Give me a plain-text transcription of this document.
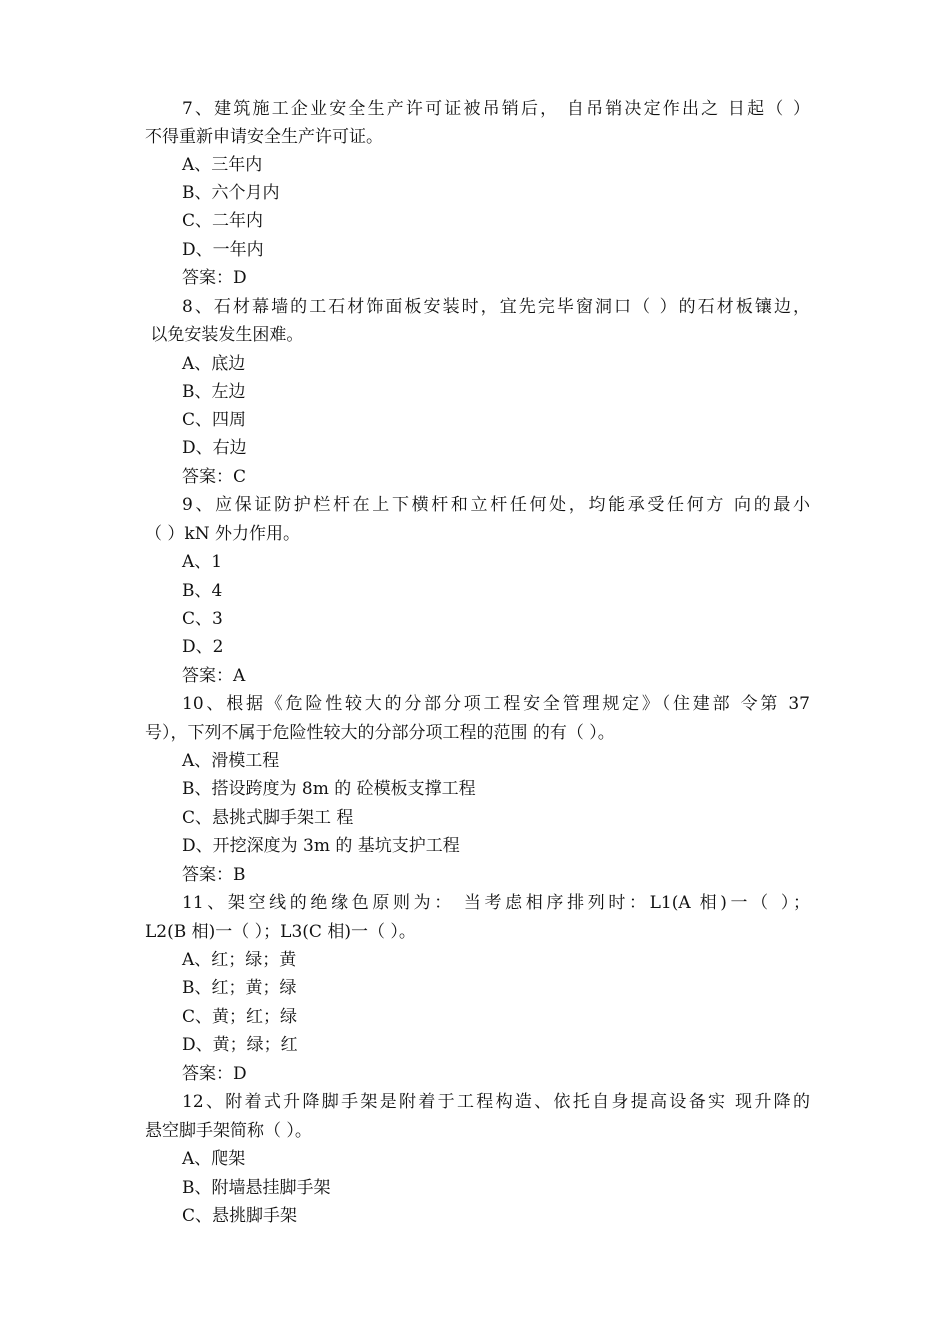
7、建筑施工企业安全生产许可证被吊销后， 自吊销决定作出之 日起（ ）
不得重新申请安全生产许可证。
A、三年内
B、六个月内
C、二年内
D、一年内
答案：D
8、石材幕墙的工石材饰面板安装时，宜先完毕窗洞口（ ）的石材板镶边，
以免安装发生困难。
A、底边
B、左边
C、四周
D、右边
答案：C
9、应保证防护栏杆在上下横杆和立杆任何处，均能承受任何方 向的最小
（ ）kN 外力作用。
A、1
B、4
C、3
D、2
答案：A
10、根据《危险性较大的分部分项工程安全管理规定》（住建部 令第 37
号），下列不属于危险性较大的分部分项工程的范围 的有（ ）。
A、滑模工程
B、搭设跨度为 8m 的 砼模板支撑工程
C、悬挑式脚手架工 程
D、开挖深度为 3m 的 基坑支护工程
答案：B
11、架空线的绝缘色原则为： 当考虑相序排列时：L1(A 相)一（ ）；
L2(B 相)一（ ）；L3(C 相)一（ ）。
A、红；绿；黄
B、红；黄；绿
C、黄；红；绿
D、黄；绿；红
答案：D
12、附着式升降脚手架是附着于工程构造、依托自身提高设备实 现升降的
悬空脚手架简称（ ）。
A、爬架
B、附墙悬挂脚手架
C、悬挑脚手架
